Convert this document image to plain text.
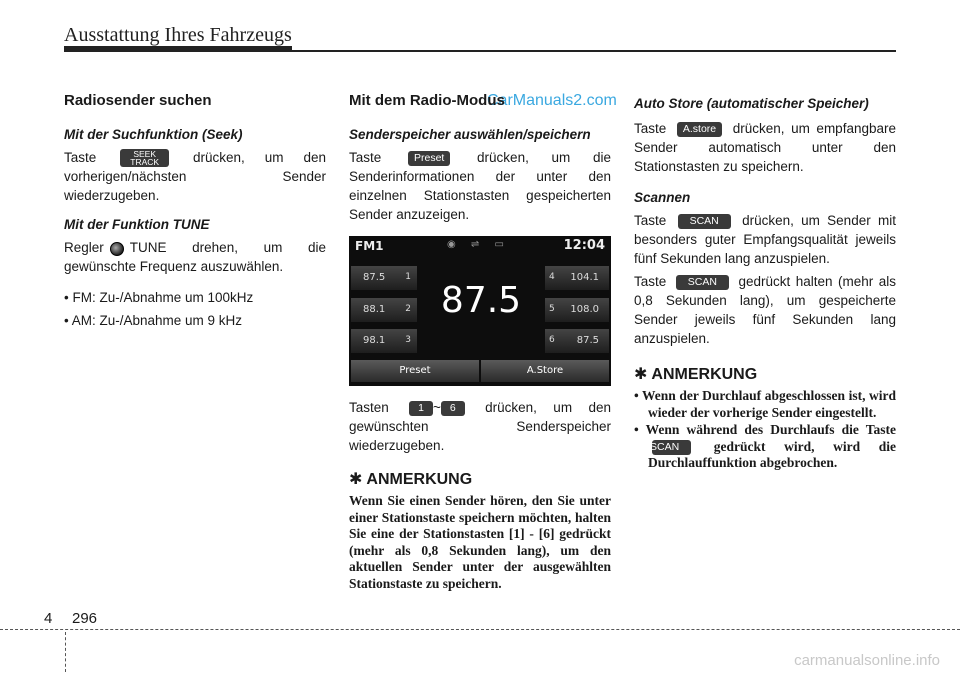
Ausstattung Ihres Fahrzeugs
CarManuals2.com
Radiosender suchen
Mit der Suchfunktion (Seek)

Taste	SEEK
TRACK	drücken, um den vorherigen/nächsten Sender wiederzugeben.

Mit der Funktion TUNE

Regler TUNE drehen, um die gewünschte Frequenz auszuwählen.

• FM: Zu-/Abnahme um 100kHz

• AM: Zu-/Abnahme um 9 kHz

Mit dem Radio-Modus
Senderspeicher auswählen/speichern

Taste	Preset drücken, um die Senderinformationen der unter den einzelnen Stationstasten gespeicherten Sender anzuzeigen.

FM1	◉ ⇌ ▭	12:04
87.5
87.5 1
88.1 2
98.1 3
4 104.1
5 108.0
6 87.5
Preset	A.Store

Tasten	1 ~ 6 drücken, um den gewünschten Senderspeicher wiederzugeben.

✱ ANMERKUNG

Wenn Sie einen Sender hören, den Sie unter einer Stationstaste speichern möchten, halten Sie eine der Stationstasten [1] - [6] gedrückt (mehr als 0,8 Sekunden lang), um den aktuellen Sender unter der ausgewählten Stationstaste zu speichern.

Auto Store (automatischer Speicher)

Taste A.store drücken, um empfangbare Sender automatisch unter den Stationstasten zu speichern.

Scannen

Taste SCAN drücken, um Sender mit besonders guter Empfangsqualität jeweils fünf Sekunden lang anzuspielen.

Taste SCAN gedrückt halten (mehr als 0,8 Sekunden lang), um gespeicherte Sender jeweils fünf Sekunden lang anzuspielen.

✱ ANMERKUNG
• Wenn der Durchlauf abgeschlossen ist, wird wieder der vorherige Sender eingestellt.
• Wenn während des Durchlaufs die Taste SCAN	gedrückt wird, wird die Durchlauffunktion abgebrochen.
4 296
carmanualsonline.info
